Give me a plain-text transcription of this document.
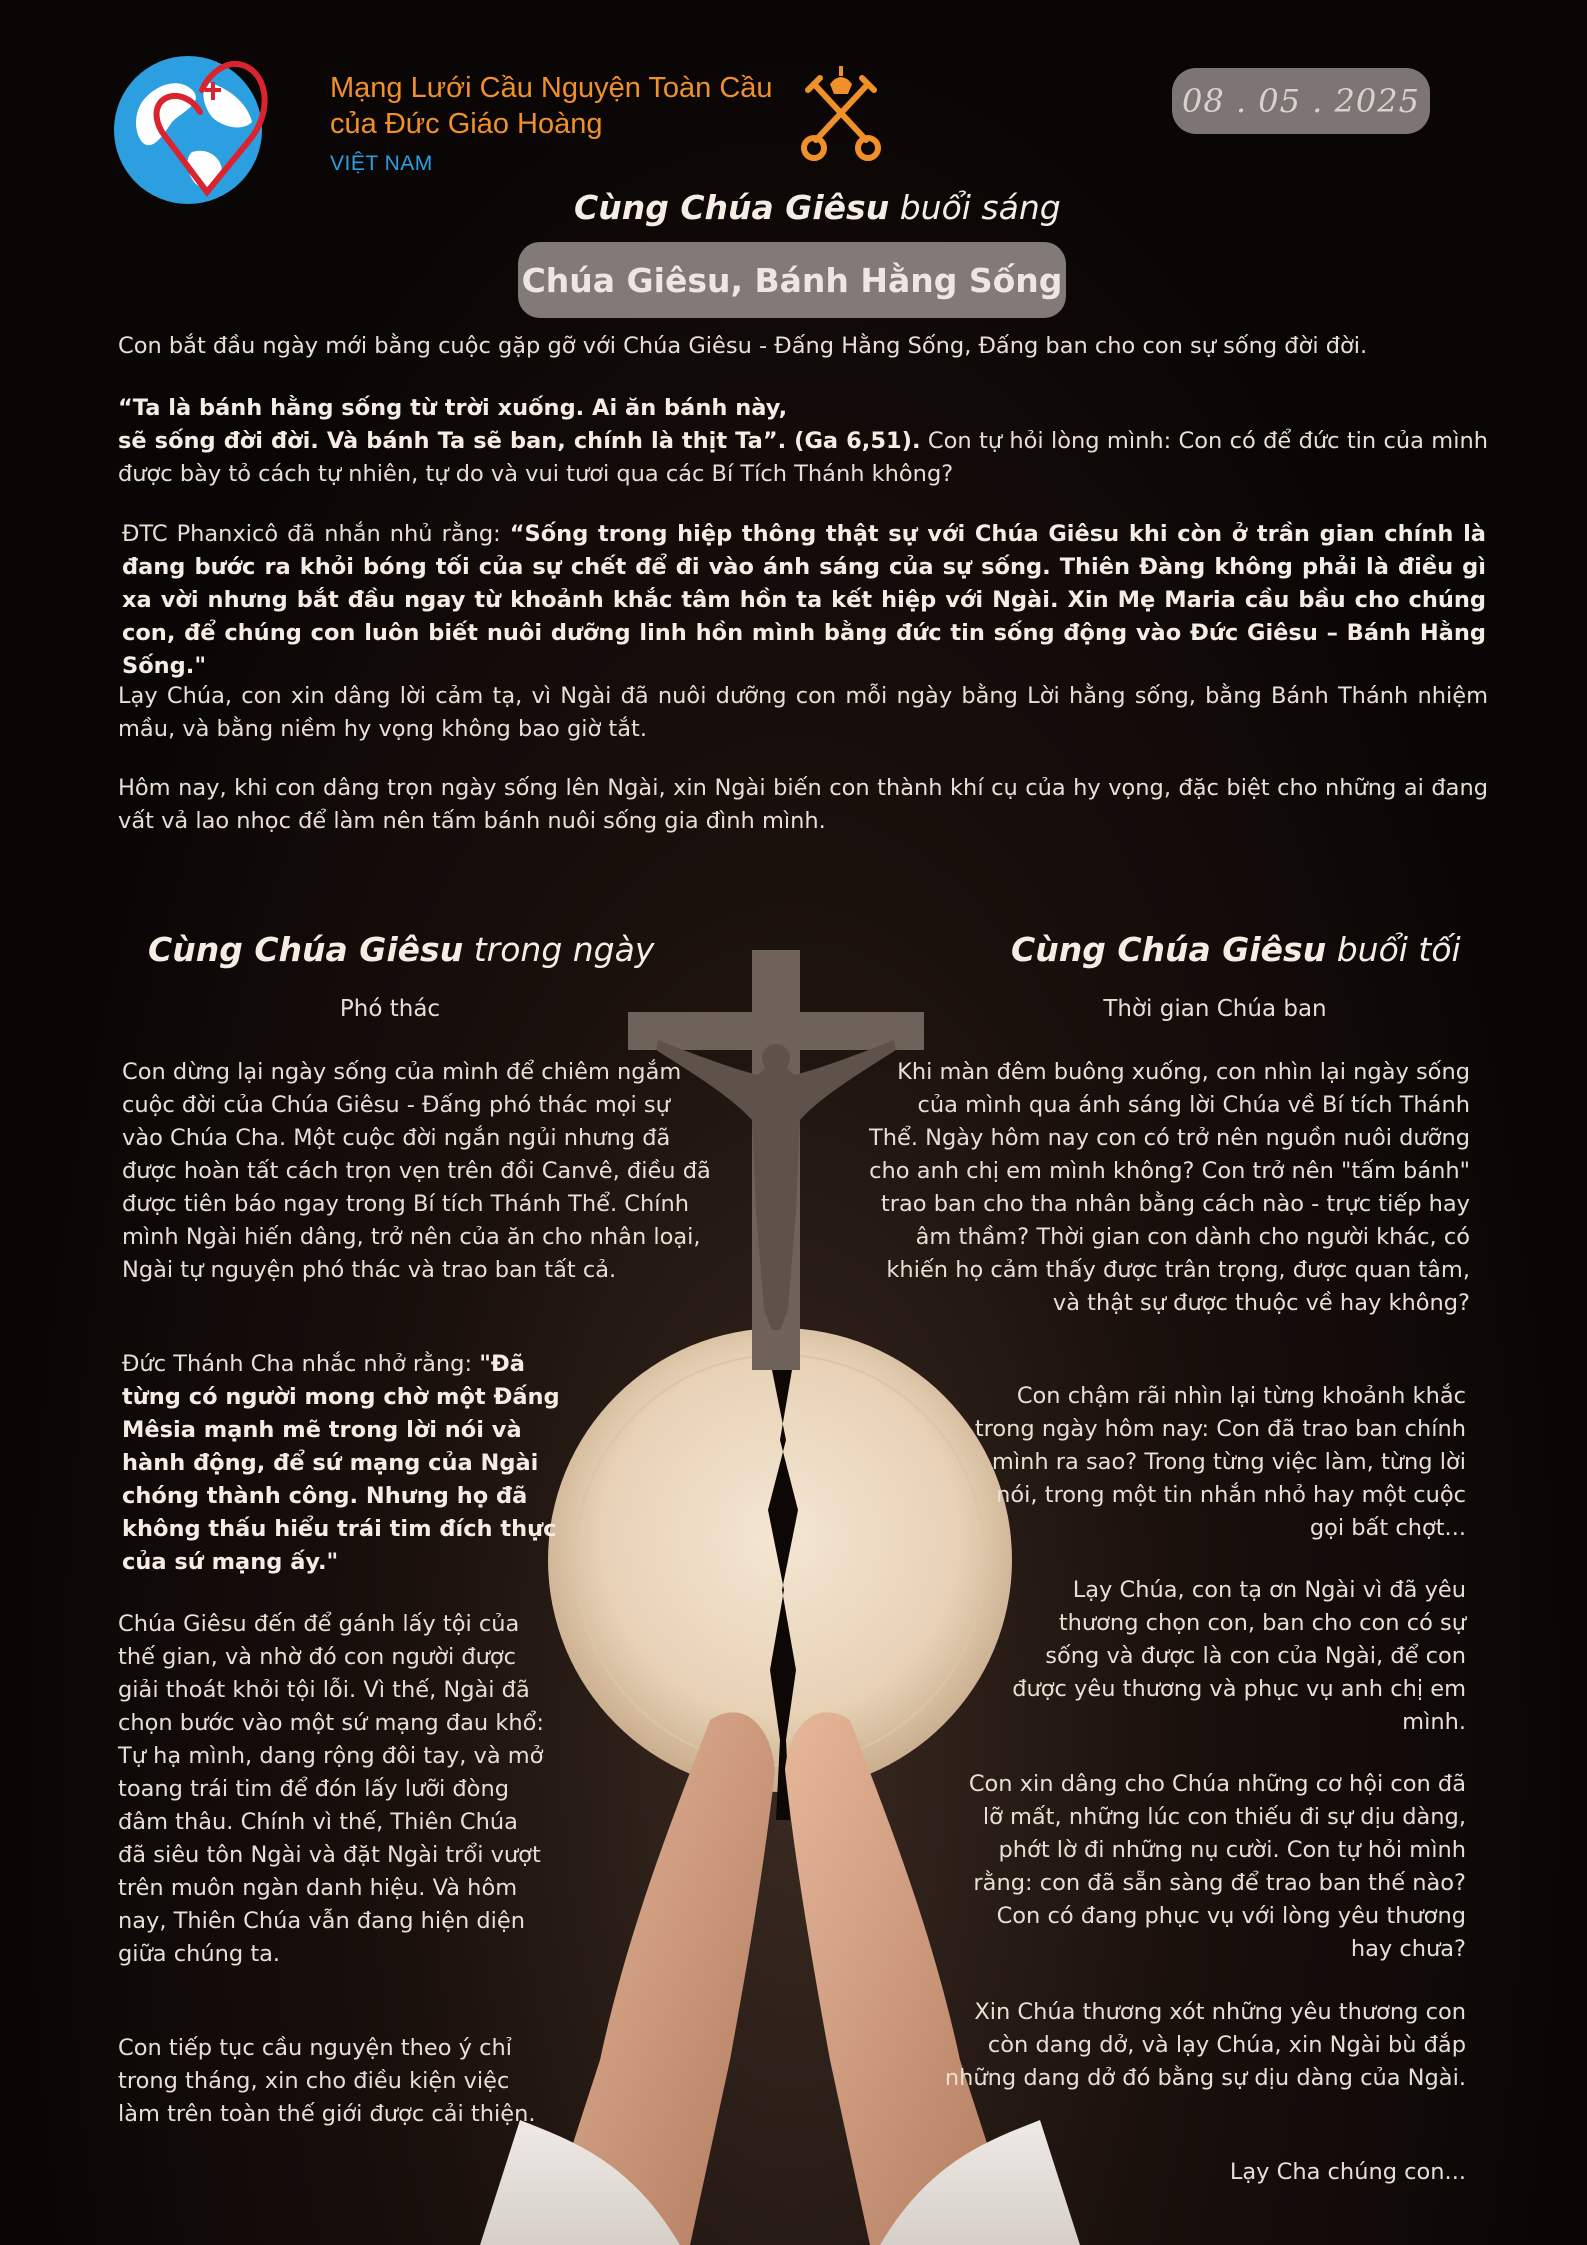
Mạng Lưới Cầu Nguyện Toàn Cầu
của Đức Giáo Hoàng
VIỆT NAM
08 . 05 . 2025
Cùng Chúa Giêsu buổi sáng
Chúa Giêsu, Bánh Hằng Sống
Con bắt đầu ngày mới bằng cuộc gặp gỡ với Chúa Giêsu - Đấng Hằng Sống, Đấng ban cho con sự sống đời đời.
“Ta là bánh hằng sống từ trời xuống. Ai ăn bánh này,
sẽ sống đời đời. Và bánh Ta sẽ ban, chính là thịt Ta”. (Ga 6,51). Con tự hỏi lòng mình: Con có để đức tin của mình được bày tỏ cách tự nhiên, tự do và vui tươi qua các Bí Tích Thánh không?
ĐTC Phanxicô đã nhắn nhủ rằng: “Sống trong hiệp thông thật sự với Chúa Giêsu khi còn ở trần gian chính là đang bước ra khỏi bóng tối của sự chết để đi vào ánh sáng của sự sống. Thiên Đàng không phải là điều gì xa vời nhưng bắt đầu ngay từ khoảnh khắc tâm hồn ta kết hiệp với Ngài. Xin Mẹ Maria cầu bầu cho chúng con, để chúng con luôn biết nuôi dưỡng linh hồn mình bằng đức tin sống động vào Đức Giêsu – Bánh Hằng Sống."
Lạy Chúa, con xin dâng lời cảm tạ, vì Ngài đã nuôi dưỡng con mỗi ngày bằng Lời hằng sống, bằng Bánh Thánh nhiệm mầu, và bằng niềm hy vọng không bao giờ tắt.
Hôm nay, khi con dâng trọn ngày sống lên Ngài, xin Ngài biến con thành khí cụ của hy vọng, đặc biệt cho những ai đang vất vả lao nhọc để làm nên tấm bánh nuôi sống gia đình mình.
Cùng Chúa Giêsu trong ngày
Phó thác
Con dừng lại ngày sống của mình để chiêm ngắm cuộc đời của Chúa Giêsu - Đấng phó thác mọi sự vào Chúa Cha. Một cuộc đời ngắn ngủi nhưng đã được hoàn tất cách trọn vẹn trên đồi Canvê, điều đã được tiên báo ngay trong Bí tích Thánh Thể. Chính mình Ngài hiến dâng, trở nên của ăn cho nhân loại, Ngài tự nguyện phó thác và trao ban tất cả.
Đức Thánh Cha nhắc nhở rằng: "Đã từng có người mong chờ một Đấng Mêsia mạnh mẽ trong lời nói và hành động, để sứ mạng của Ngài chóng thành công. Nhưng họ đã không thấu hiểu trái tim đích thực của sứ mạng ấy."
Chúa Giêsu đến để gánh lấy tội của thế gian, và nhờ đó con người được giải thoát khỏi tội lỗi. Vì thế, Ngài đã chọn bước vào một sứ mạng đau khổ: Tự hạ mình, dang rộng đôi tay, và mở toang trái tim để đón lấy lưỡi đòng đâm thâu. Chính vì thế, Thiên Chúa đã siêu tôn Ngài và đặt Ngài trổi vượt trên muôn ngàn danh hiệu. Và hôm nay, Thiên Chúa vẫn đang hiện diện giữa chúng ta.
Con tiếp tục cầu nguyện theo ý chỉ trong tháng, xin cho điều kiện việc làm trên toàn thế giới được cải thiện.
Cùng Chúa Giêsu buổi tối
Thời gian Chúa ban
Khi màn đêm buông xuống, con nhìn lại ngày sống của mình qua ánh sáng lời Chúa về Bí tích Thánh Thể. Ngày hôm nay con có trở nên nguồn nuôi dưỡng cho anh chị em mình không? Con trở nên "tấm bánh" trao ban cho tha nhân bằng cách nào - trực tiếp hay âm thầm? Thời gian con dành cho người khác, có khiến họ cảm thấy được trân trọng, được quan tâm, và thật sự được thuộc về hay không?
Con chậm rãi nhìn lại từng khoảnh khắc trong ngày hôm nay: Con đã trao ban chính mình ra sao? Trong từng việc làm, từng lời nói, trong một tin nhắn nhỏ hay một cuộc gọi bất chợt...
Lạy Chúa, con tạ ơn Ngài vì đã yêu thương chọn con, ban cho con có sự sống và được là con của Ngài, để con được yêu thương và phục vụ anh chị em mình.
Con xin dâng cho Chúa những cơ hội con đã lỡ mất, những lúc con thiếu đi sự dịu dàng, phớt lờ đi những nụ cười. Con tự hỏi mình rằng: con đã sẵn sàng để trao ban thế nào? Con có đang phục vụ với lòng yêu thương hay chưa?
Xin Chúa thương xót những yêu thương con còn dang dở, và lạy Chúa, xin Ngài bù đắp những dang dở đó bằng sự dịu dàng của Ngài.
Lạy Cha chúng con...
